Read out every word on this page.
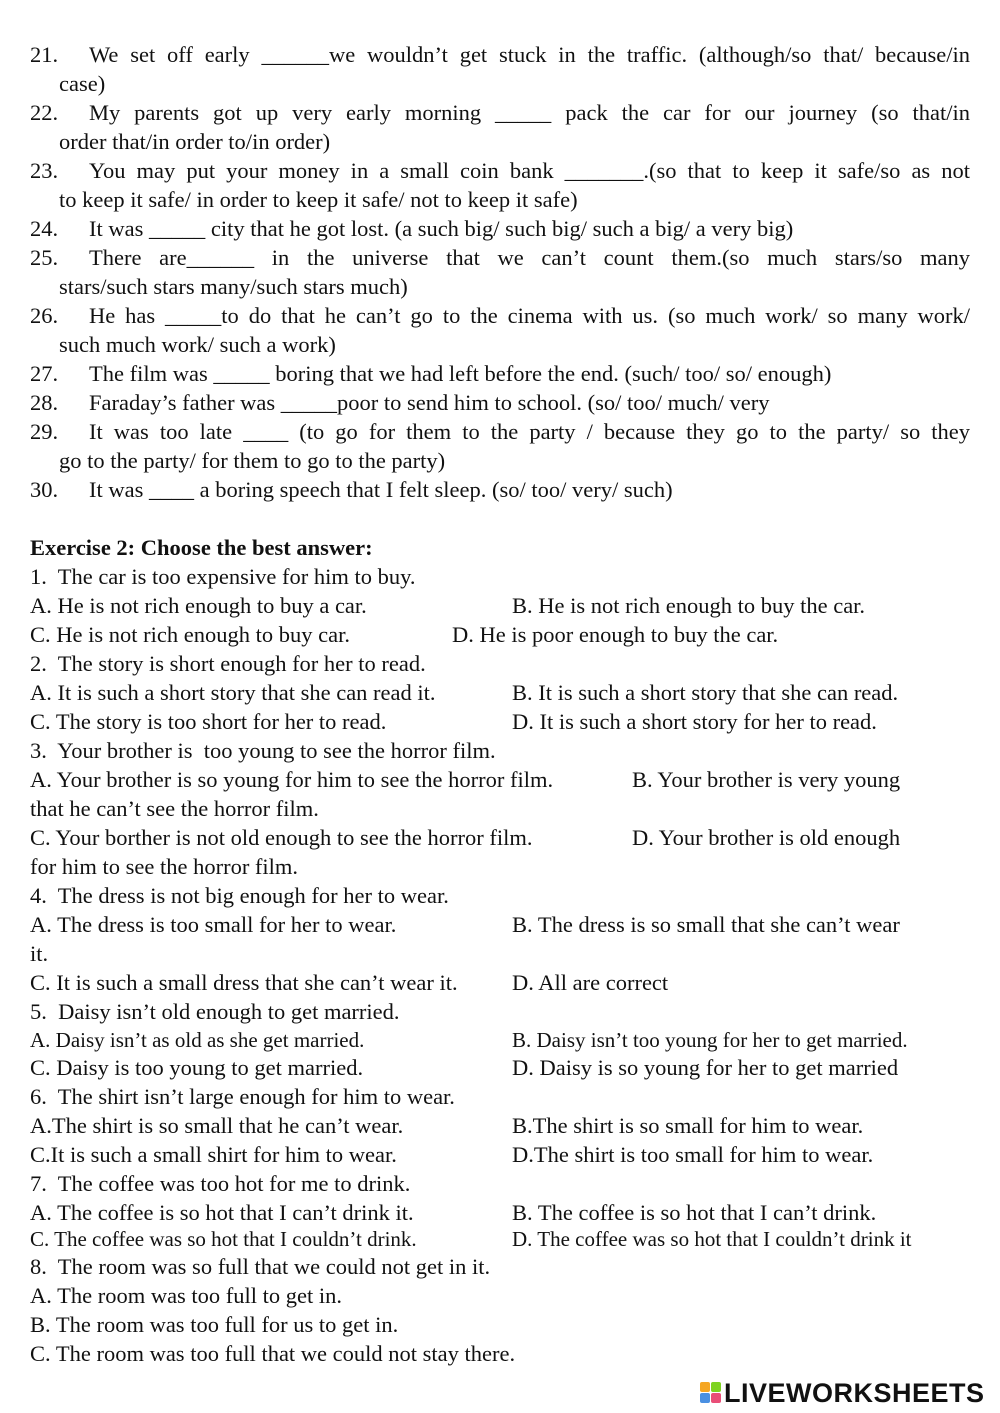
21. We set off early ______we wouldn’t get stuck in the traffic. (although/so that/ because/in
case)
22. My parents got up very early morning _____ pack the car for our journey (so that/in
order that/in order to/in order)
23. You may put your money in a small coin bank _______.(so that to keep it safe/so as not
to keep it safe/ in order to keep it safe/ not to keep it safe)
24. It was _____ city that he got lost. (a such big/ such big/ such a big/ a very big)
25. There are______ in the universe that we can’t count them.(so much stars/so many
stars/such stars many/such stars much)
26. He has _____to do that he can’t go to the cinema with us. (so much work/ so many work/
such much work/ such a work)
27. The film was _____ boring that we had left before the end. (such/ too/ so/ enough)
28. Faraday’s father was _____poor to send him to school. (so/ too/ much/ very
29. It was too late ____ (to go for them to the party / because they go to the party/ so they
go to the party/ for them to go to the party)
30. It was ____ a boring speech that I felt sleep. (so/ too/ very/ such)
Exercise 2: Choose the best answer:
1.  The car is too expensive for him to buy.
A. He is not rich enough to buy a car.	B. He is not rich enough to buy the car.
C. He is not rich enough to buy car.	D. He is poor enough to buy the car.
2.  The story is short enough for her to read.
A. It is such a short story that she can read it.	B. It is such a short story that she can read.
C. The story is too short for her to read.	D. It is such a short story for her to read.
3.  Your brother is  too young to see the horror film.
A. Your brother is so young for him to see the horror film.	B. Your brother is very young
that he can’t see the horror film.
C. Your borther is not old enough to see the horror film.	D. Your brother is old enough
for him to see the horror film.
4.  The dress is not big enough for her to wear.
A. The dress is too small for her to wear.	B. The dress is so small that she can’t wear
it.
C. It is such a small dress that she can’t wear it. D. All are correct
5.  Daisy isn’t old enough to get married.
A. Daisy isn’t as old as she get married.	B. Daisy isn’t too young for her to get married.
C. Daisy is too young to get married.	D. Daisy is so young for her to get married
6.  The shirt isn’t large enough for him to wear.
A.The shirt is so small that he can’t wear.	B.The shirt is so small for him to wear.
C.It is such a small shirt for him to wear.	D.The shirt is too small for him to wear.
7.  The coffee was too hot for me to drink.
A. The coffee is so hot that I can’t drink it.	B. The coffee is so hot that I can’t drink.
C. The coffee was so hot that I couldn’t drink.	D. The coffee was so hot that I couldn’t drink it
8.  The room was so full that we could not get in it.
A. The room was too full to get in.
B. The room was too full for us to get in.
C. The room was too full that we could not stay there.
LIVEWORKSHEETS
